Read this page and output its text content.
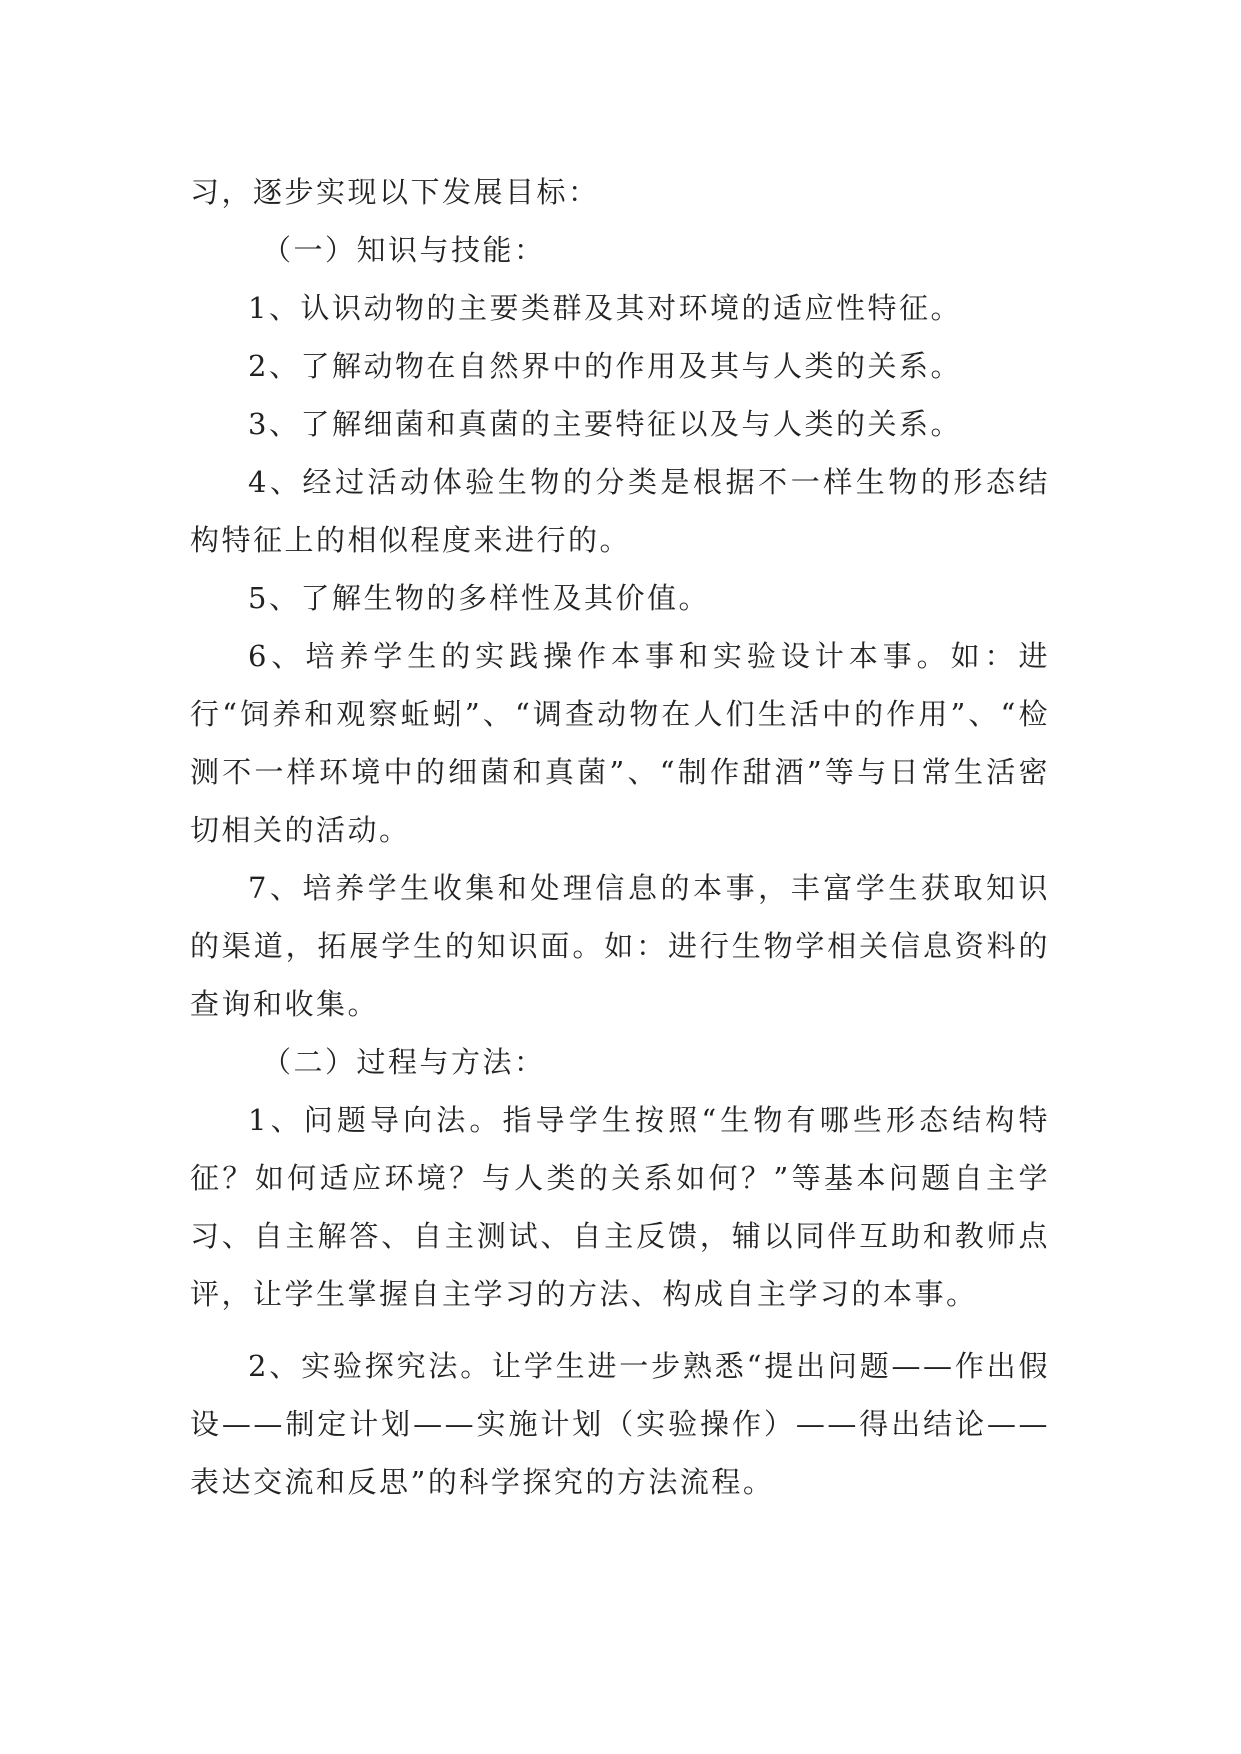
习，逐步实现以下发展目标：

（一）知识与技能：

1、认识动物的主要类群及其对环境的适应性特征。

2、了解动物在自然界中的作用及其与人类的关系。

3、了解细菌和真菌的主要特征以及与人类的关系。

4、经过活动体验生物的分类是根据不一样生物的形态结构特征上的相似程度来进行的。

5、了解生物的多样性及其价值。

6、培养学生的实践操作本事和实验设计本事。如：进行“饲养和观察蚯蚓”、“调查动物在人们生活中的作用”、“检测不一样环境中的细菌和真菌”、“制作甜酒”等与日常生活密切相关的活动。

7、培养学生收集和处理信息的本事，丰富学生获取知识的渠道，拓展学生的知识面。如：进行生物学相关信息资料的查询和收集。

（二）过程与方法：

1、问题导向法。指导学生按照“生物有哪些形态结构特征？如何适应环境？与人类的关系如何？”等基本问题自主学习、自主解答、自主测试、自主反馈，辅以同伴互助和教师点评，让学生掌握自主学习的方法、构成自主学习的本事。

2、实验探究法。让学生进一步熟悉“提出问题——作出假设——制定计划——实施计划（实验操作）——得出结论——表达交流和反思”的科学探究的方法流程。
